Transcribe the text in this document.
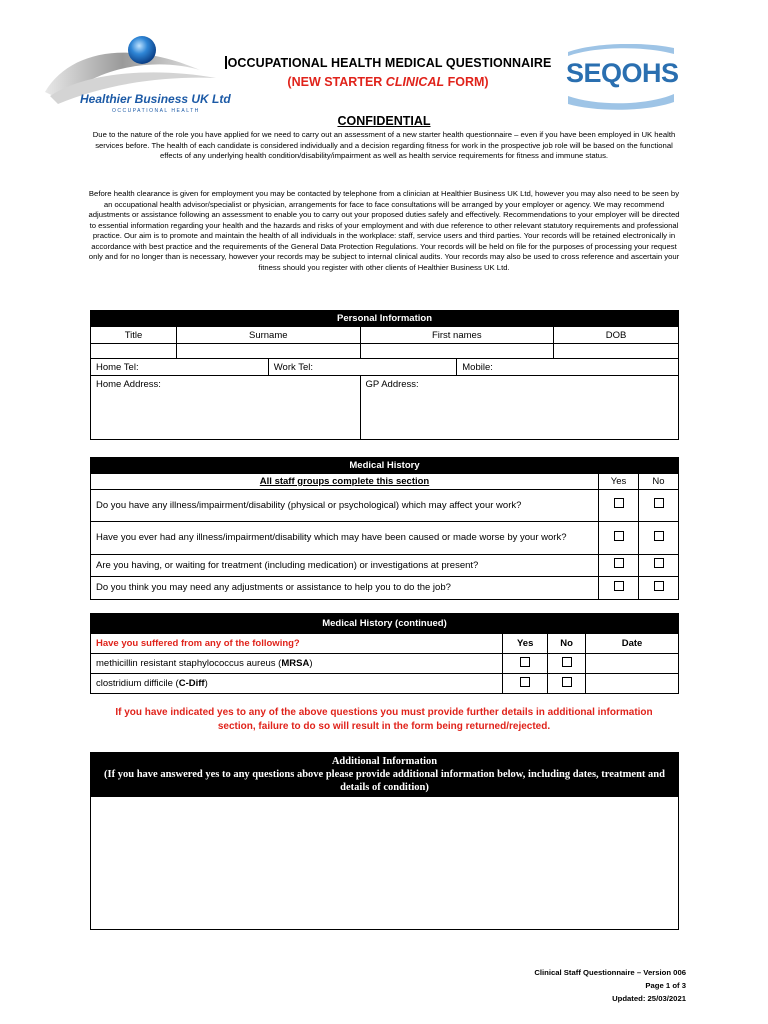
Healthier Business UK Ltd
OCCUPATIONAL HEALTH
OCCUPATIONAL HEALTH MEDICAL QUESTIONNAIRE
(NEW STARTER CLINICAL FORM)	SEQOHS
CONFIDENTIAL
Due to the nature of the role you have applied for we need to carry out an assessment of a new starter health questionnaire – even if you have been employed in UK health services before. The health of each candidate is considered individually and a decision regarding fitness for work in the prospective job role will be based on the functional effects of any underlying health condition/disability/impairment as well as health service requirements for fitness and immune status.
Before health clearance is given for employment you may be contacted by telephone from a clinician at Healthier Business UK Ltd, however you may also need to be seen by an occupational health advisor/specialist or physician, arrangements for face to face consultations will be arranged by your employer or agency. We may recommend adjustments or assistance following an assessment to enable you to carry out your proposed duties safely and effectively. Recommendations to your employer will be directed to essential information regarding your health and the hazards and risks of your employment and with due reference to other relevant statutory requirements and professional practice. Our aim is to promote and maintain the health of all individuals in the workplace: staff, service users and third parties. Your records will be retained electronically in accordance with best practice and the requirements of the General Data Protection Regulations. Your records will be held on file for the purposes of processing your request only and for no longer than is necessary, however your records may be subject to internal clinical audits. Your records may also be used to cross reference and ascertain your fitness should you register with other clients of Healthier Business UK Ltd.
Personal Information					
Title	Surname		First names		DOB

Home Tel:		Work Tel:		Mobile:	
Home Address:			GP Address:		
Medical History		
All staff groups complete this section	Yes	No
Do you have any illness/impairment/disability (physical or psychological) which may affect your work?		
Have you ever had any illness/impairment/disability which may have been caused or made worse by your work?		
Are you having, or waiting for treatment (including medication) or investigations at present?		
Do you think you may need any adjustments or assistance to help you to do the job?		
Medical History (continued)			
Have you suffered from any of the following?	Yes	No	Date
methicillin resistant staphylococcus aureus (MRSA)			
clostridium difficile (C-Diff)			
If you have indicated yes to any of the above questions you must provide further details in additional information section, failure to do so will result in the form being returned/rejected.
Additional Information
(If you have answered yes to any questions above please provide additional information below, including dates, treatment and details of condition)

Clinical Staff Questionnaire – Version 006
Page 1 of 3
Updated: 25/03/2021
